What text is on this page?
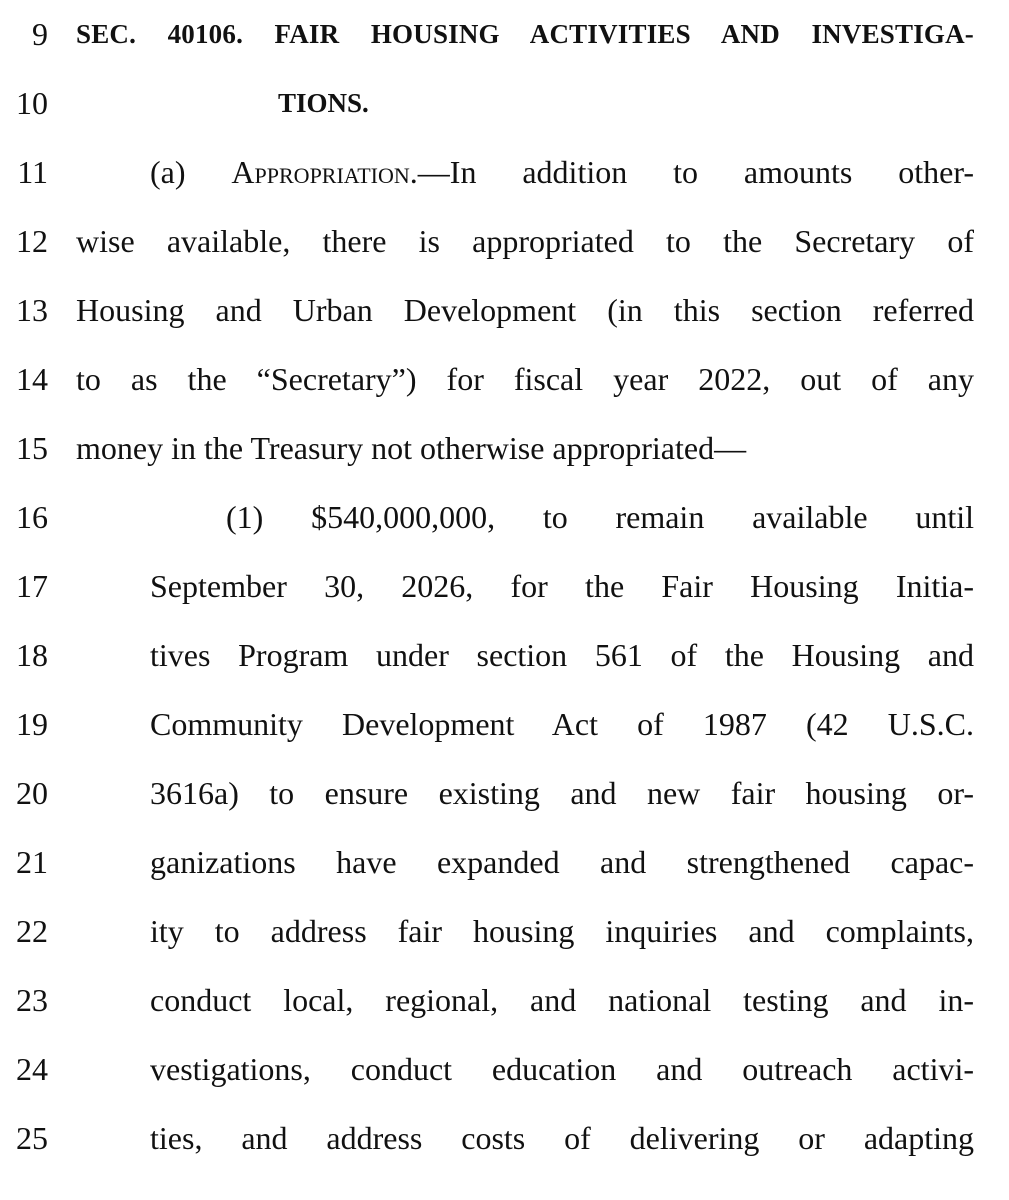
9 SEC. 40106. FAIR HOUSING ACTIVITIES AND INVESTIGA-
10	TIONS.
11	(a) Appropriation.—In addition to amounts other-
12 wise available, there is appropriated to the Secretary of
13 Housing and Urban Development (in this section referred
14 to as the “Secretary”) for fiscal year 2022, out of any
15 money in the Treasury not otherwise appropriated—
16	(1) $540,000,000, to remain available until
17	September 30, 2026, for the Fair Housing Initia-
18	tives Program under section 561 of the Housing and
19	Community Development Act of 1987 (42 U.S.C.
20	3616a) to ensure existing and new fair housing or-
21	ganizations have expanded and strengthened capac-
22	ity to address fair housing inquiries and complaints,
23	conduct local, regional, and national testing and in-
24	vestigations, conduct education and outreach activi-
25	ties, and address costs of delivering or adapting
